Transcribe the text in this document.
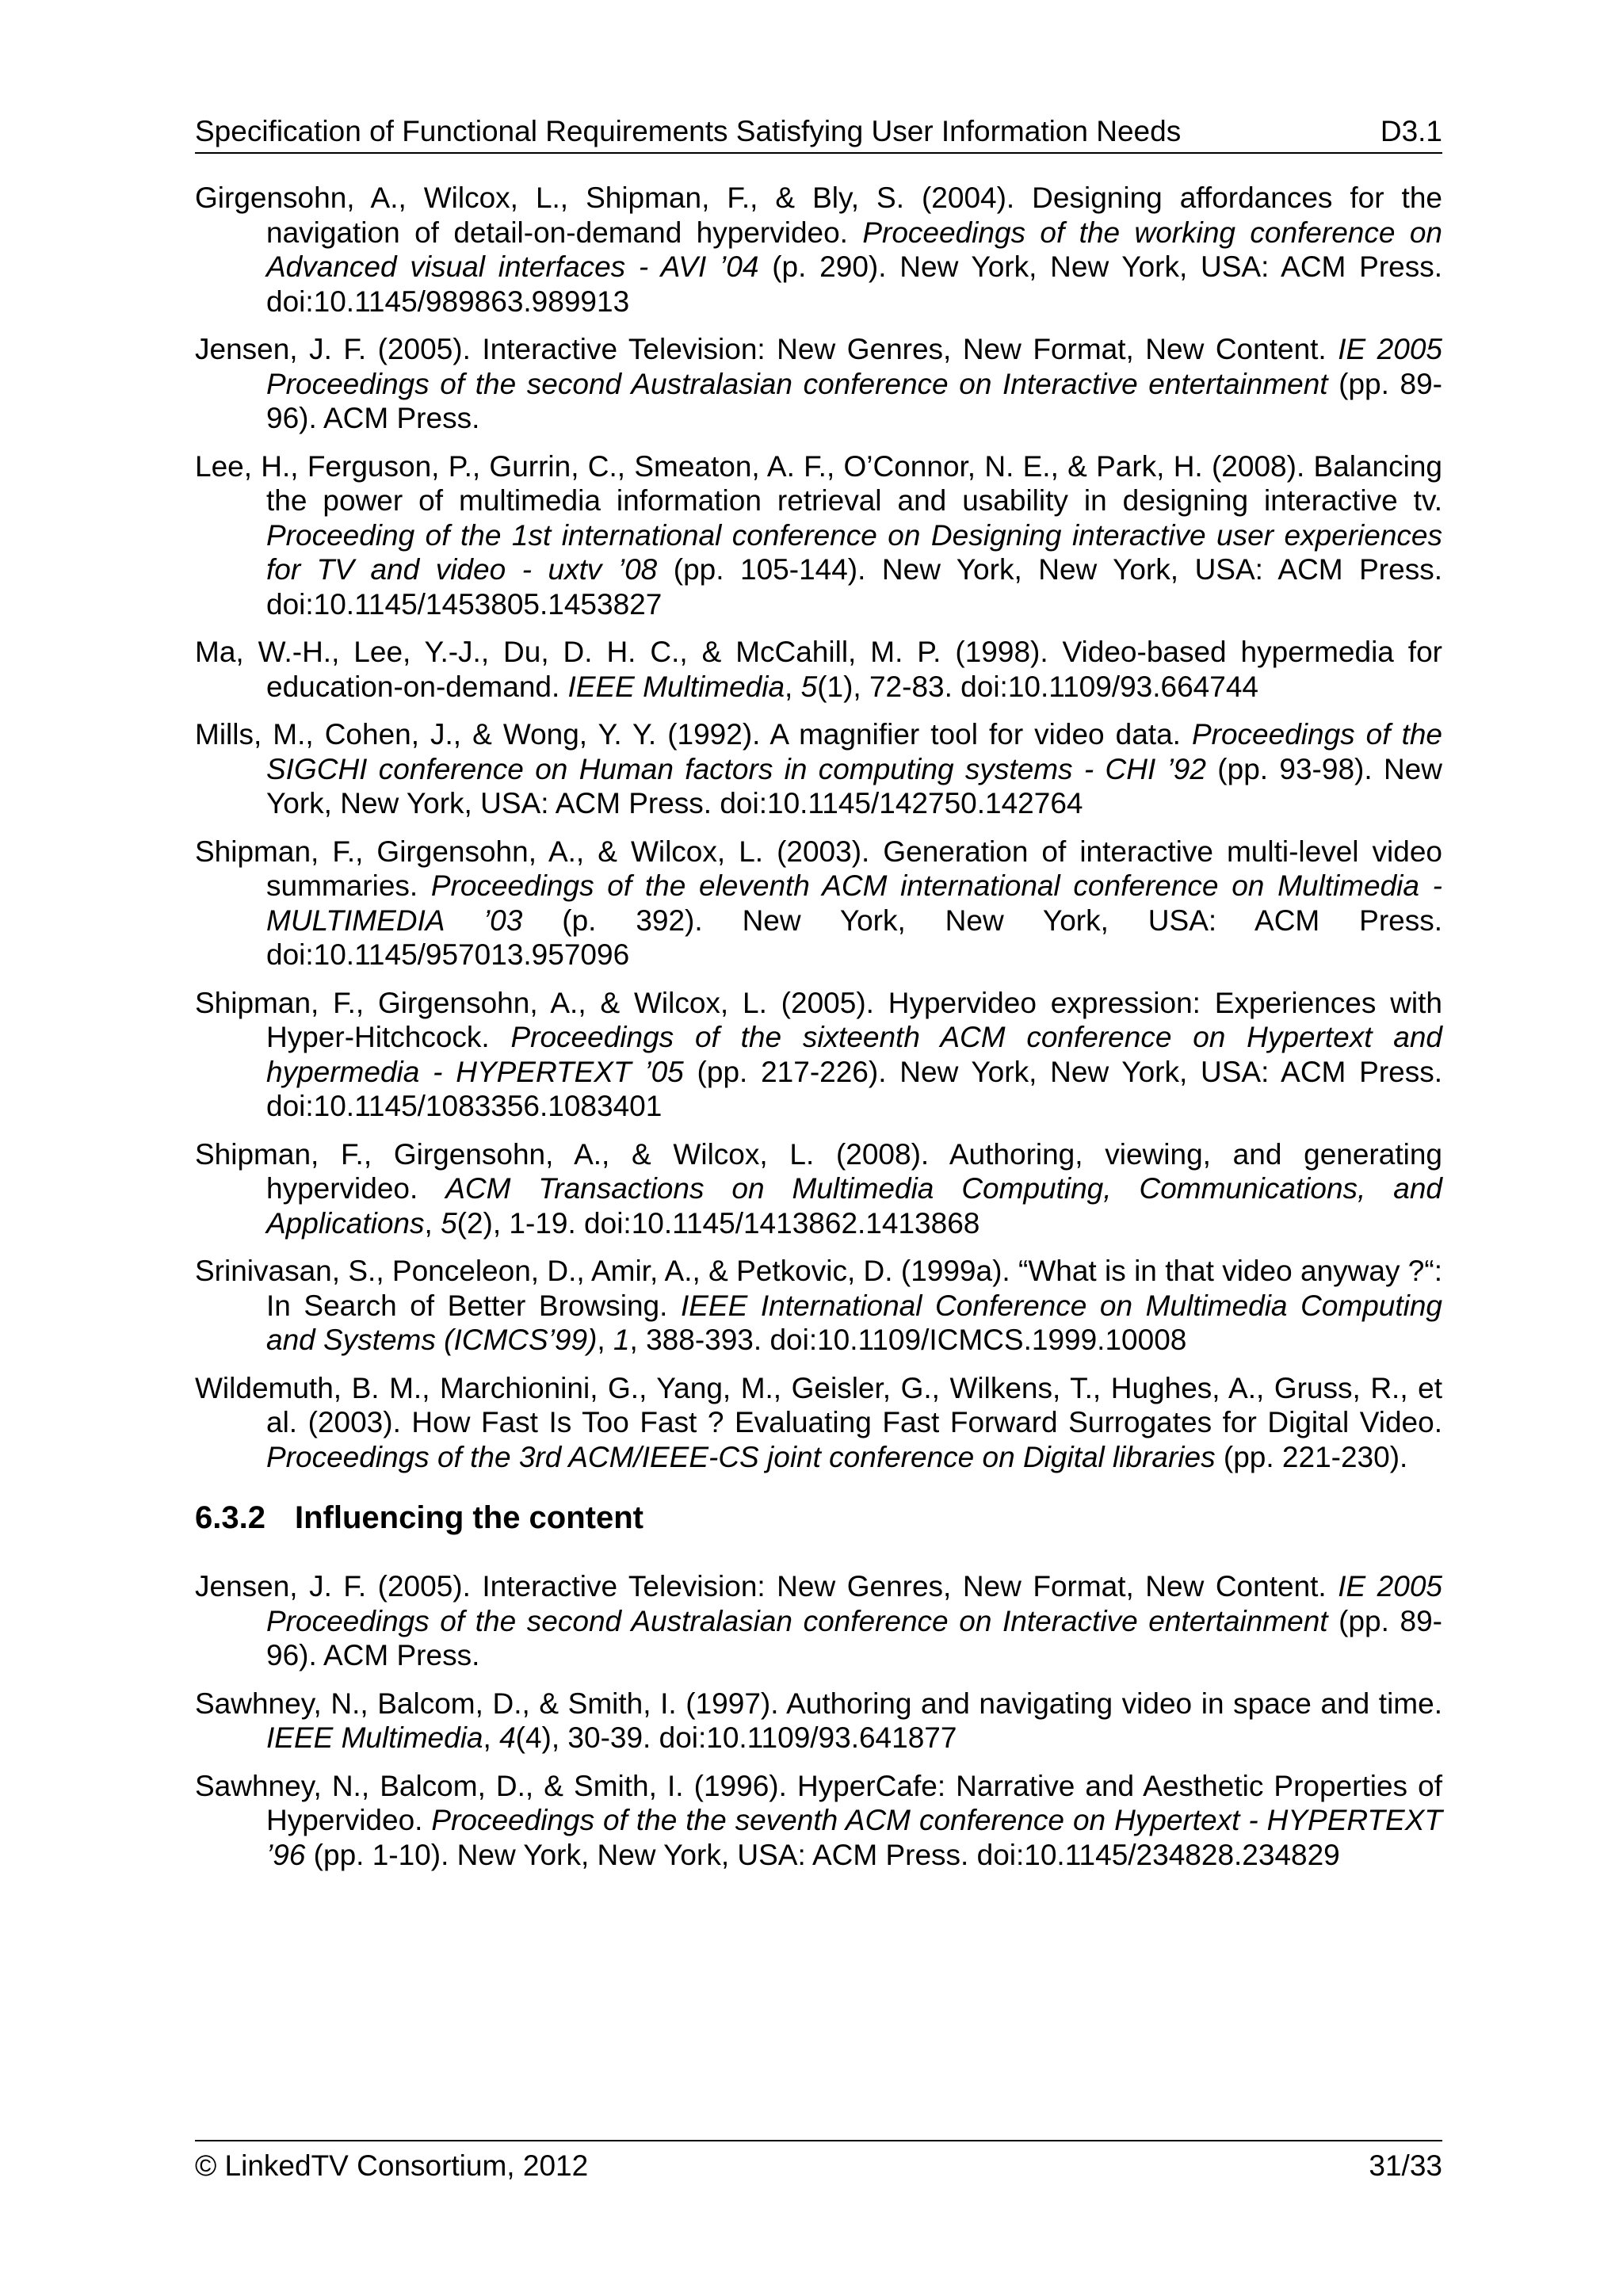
Specification of Functional Requirements Satisfying User Information Needs	D3.1

Girgensohn, A., Wilcox, L., Shipman, F., & Bly, S. (2004). Designing affordances for the navigation of detail-on-demand hypervideo. Proceedings of the working conference on Advanced visual interfaces - AVI ’04 (p. 290). New York, New York, USA: ACM Press. doi:10.1145/989863.989913

Jensen, J. F. (2005). Interactive Television: New Genres, New Format, New Content. IE 2005 Proceedings of the second Australasian conference on Interactive entertainment (pp. 89-96). ACM Press.

Lee, H., Ferguson, P., Gurrin, C., Smeaton, A. F., O’Connor, N. E., & Park, H. (2008). Balancing the power of multimedia information retrieval and usability in designing interactive tv. Proceeding of the 1st international conference on Designing interactive user experiences for TV and video - uxtv ’08 (pp. 105-144). New York, New York, USA: ACM Press. doi:10.1145/1453805.1453827

Ma, W.-H., Lee, Y.-J., Du, D. H. C., & McCahill, M. P. (1998). Video-based hypermedia for education-on-demand. IEEE Multimedia, 5(1), 72-83. doi:10.1109/93.664744

Mills, M., Cohen, J., & Wong, Y. Y. (1992). A magnifier tool for video data. Proceedings of the SIGCHI conference on Human factors in computing systems - CHI ’92 (pp. 93-98). New York, New York, USA: ACM Press. doi:10.1145/142750.142764

Shipman, F., Girgensohn, A., & Wilcox, L. (2003). Generation of interactive multi-level video summaries. Proceedings of the eleventh ACM international conference on Multimedia - MULTIMEDIA ’03 (p. 392). New York, New York, USA: ACM Press. doi:10.1145/957013.957096

Shipman, F., Girgensohn, A., & Wilcox, L. (2005). Hypervideo expression: Experiences with Hyper-Hitchcock. Proceedings of the sixteenth ACM conference on Hypertext and hypermedia - HYPERTEXT ’05 (pp. 217-226). New York, New York, USA: ACM Press. doi:10.1145/1083356.1083401

Shipman, F., Girgensohn, A., & Wilcox, L. (2008). Authoring, viewing, and generating hypervideo. ACM Transactions on Multimedia Computing, Communications, and Applications, 5(2), 1-19. doi:10.1145/1413862.1413868

Srinivasan, S., Ponceleon, D., Amir, A., & Petkovic, D. (1999a). “What is in that video anyway ?“: In Search of Better Browsing. IEEE International Conference on Multimedia Computing and Systems (ICMCS’99), 1, 388-393. doi:10.1109/ICMCS.1999.10008

Wildemuth, B. M., Marchionini, G., Yang, M., Geisler, G., Wilkens, T., Hughes, A., Gruss, R., et al. (2003). How Fast Is Too Fast ? Evaluating Fast Forward Surrogates for Digital Video. Proceedings of the 3rd ACM/IEEE-CS joint conference on Digital libraries (pp. 221-230).

6.3.2 Influencing the content

Jensen, J. F. (2005). Interactive Television: New Genres, New Format, New Content. IE 2005 Proceedings of the second Australasian conference on Interactive entertainment (pp. 89-96). ACM Press.

Sawhney, N., Balcom, D., & Smith, I. (1997). Authoring and navigating video in space and time. IEEE Multimedia, 4(4), 30-39. doi:10.1109/93.641877

Sawhney, N., Balcom, D., & Smith, I. (1996). HyperCafe: Narrative and Aesthetic Properties of Hypervideo. Proceedings of the the seventh ACM conference on Hypertext - HYPERTEXT ’96 (pp. 1-10). New York, New York, USA: ACM Press. doi:10.1145/234828.234829

© LinkedTV Consortium, 2012	31/33
